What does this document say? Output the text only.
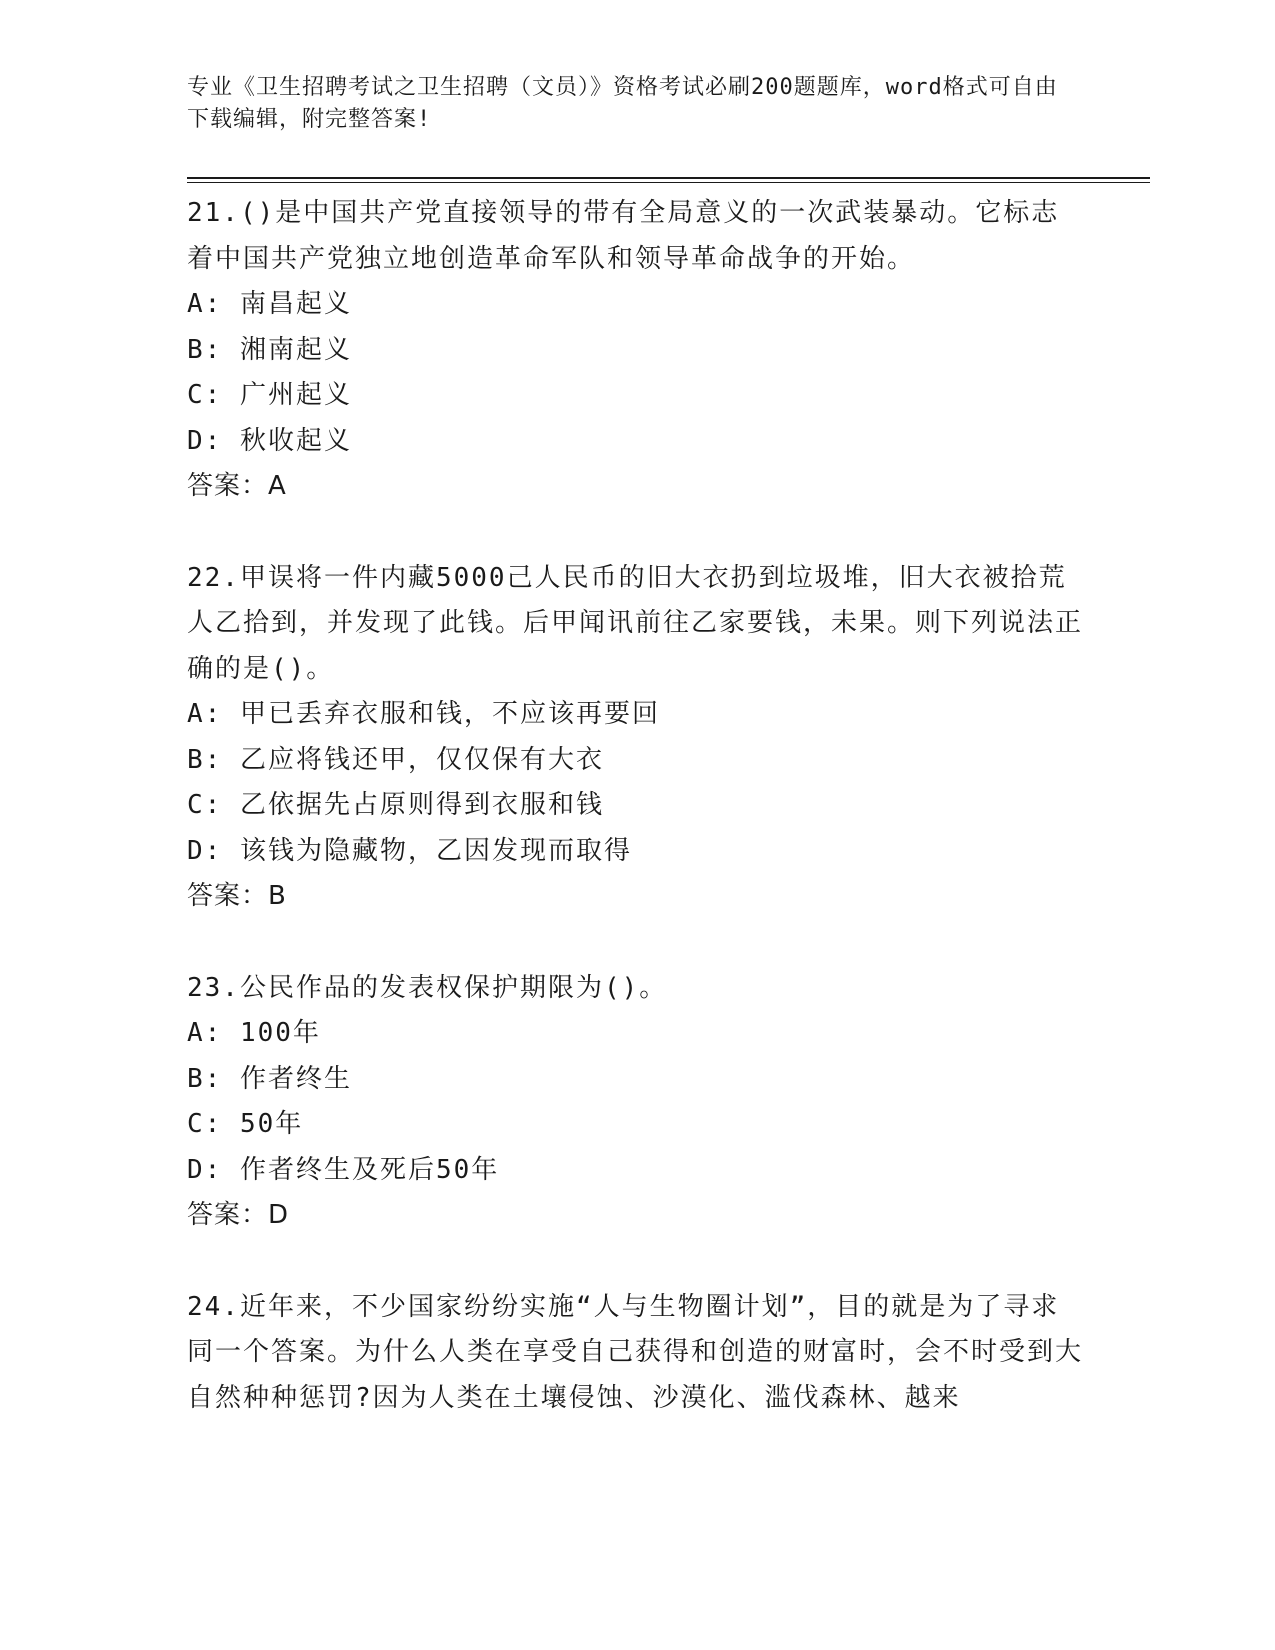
专业《卫生招聘考试之卫生招聘（文员）》资格考试必刷200题题库，word格式可自由下载编辑，附完整答案!
21.()是中国共产党直接领导的带有全局意义的一次武装暴动。它标志着中国共产党独立地创造革命军队和领导革命战争的开始。
A: 南昌起义
B: 湘南起义
C: 广州起义
D: 秋收起义
答案：A
22.甲误将一件内藏5000己人民币的旧大衣扔到垃圾堆，旧大衣被拾荒人乙拾到，并发现了此钱。后甲闻讯前往乙家要钱，未果。则下列说法正确的是()。
A: 甲已丢弃衣服和钱，不应该再要回
B: 乙应将钱还甲，仅仅保有大衣
C: 乙依据先占原则得到衣服和钱
D: 该钱为隐藏物，乙因发现而取得
答案：B
23.公民作品的发表权保护期限为()。
A: 100年
B: 作者终生
C: 50年
D: 作者终生及死后50年
答案：D
24.近年来，不少国家纷纷实施“人与生物圈计划”，目的就是为了寻求同一个答案。为什么人类在享受自己获得和创造的财富时，会不时受到大自然种种惩罚?因为人类在土壤侵蚀、沙漠化、滥伐森林、越来
